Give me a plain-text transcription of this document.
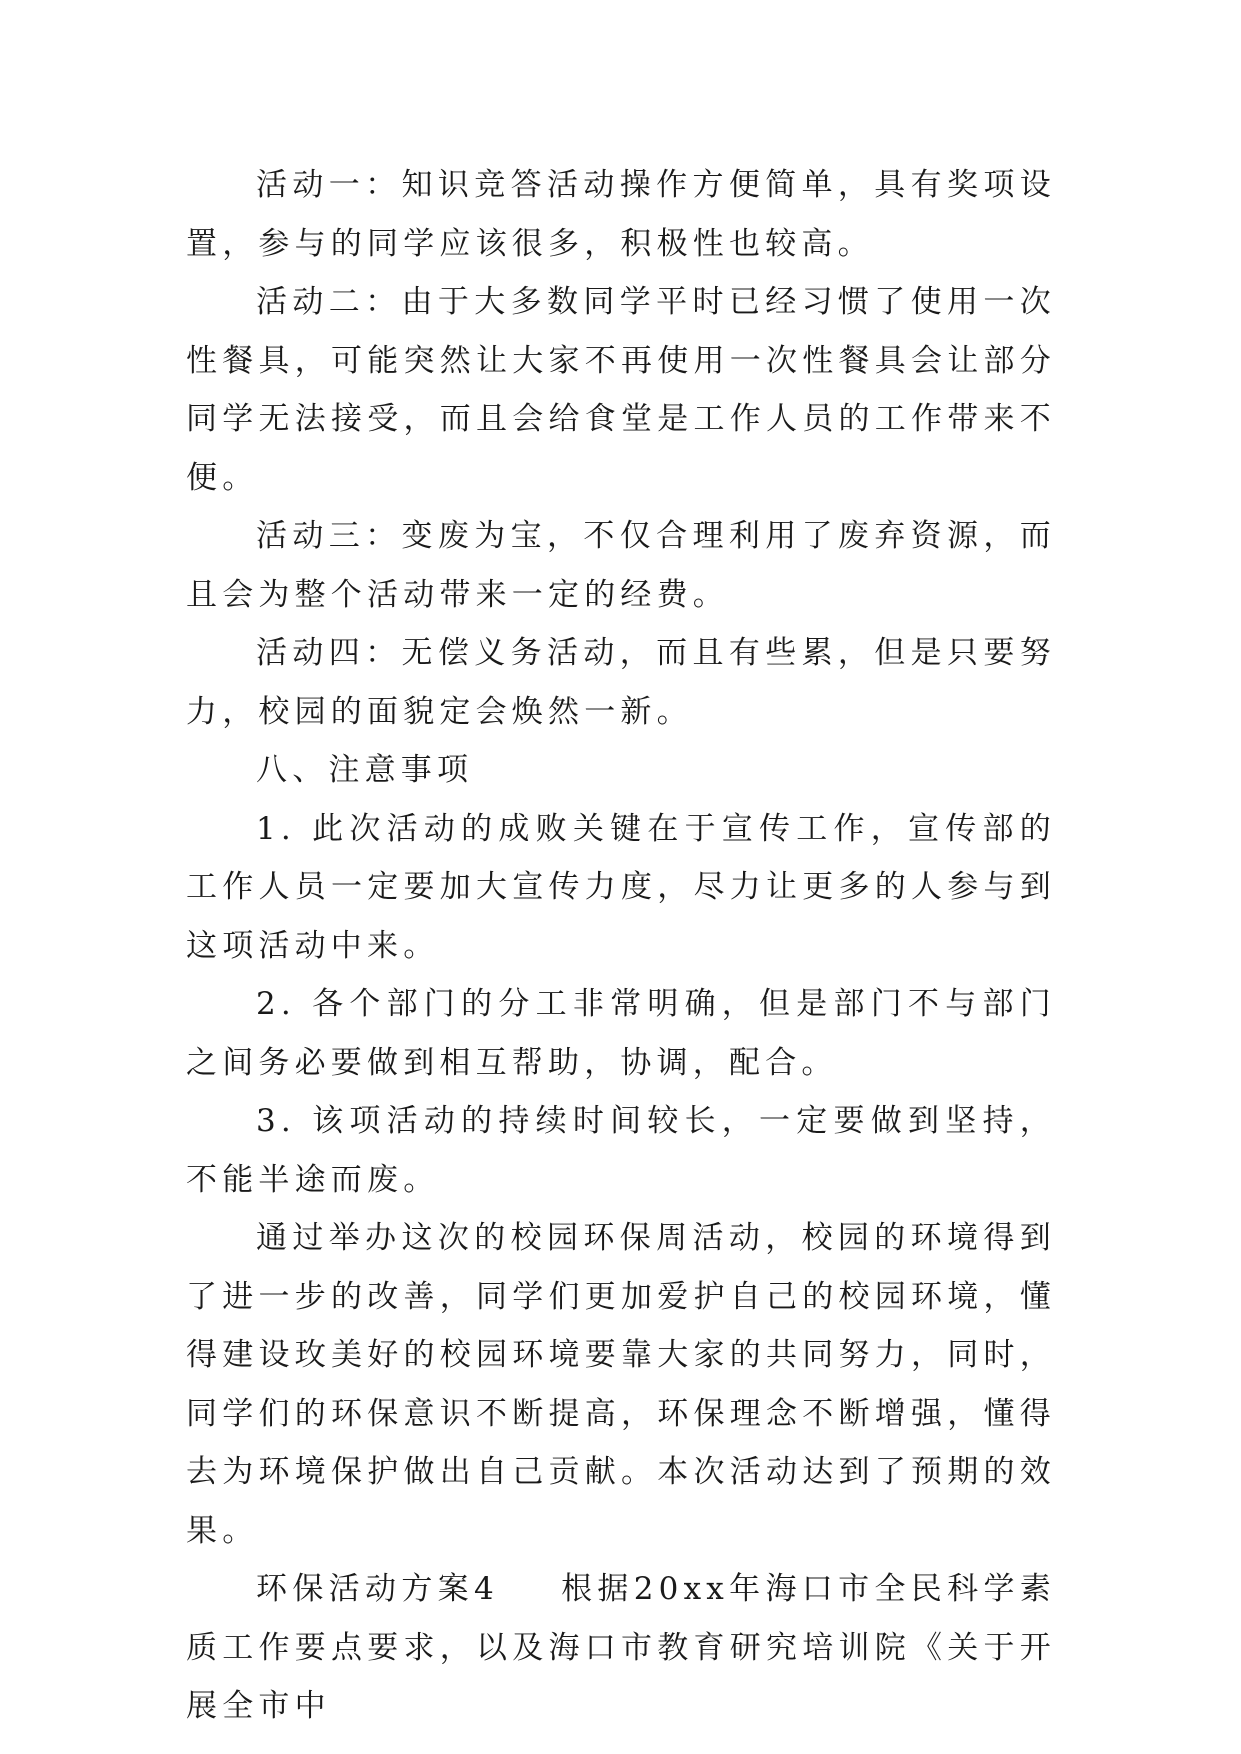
活动一：知识竞答活动操作方便简单，具有奖项设置，参与的同学应该很多，积极性也较高。

活动二：由于大多数同学平时已经习惯了使用一次性餐具，可能突然让大家不再使用一次性餐具会让部分同学无法接受，而且会给食堂是工作人员的工作带来不便。

活动三：变废为宝，不仅合理利用了废弃资源，而且会为整个活动带来一定的经费。

活动四：无偿义务活动，而且有些累，但是只要努力，校园的面貌定会焕然一新。

八、注意事项

1. 此次活动的成败关键在于宣传工作，宣传部的工作人员一定要加大宣传力度，尽力让更多的人参与到这项活动中来。

2. 各个部门的分工非常明确，但是部门不与部门之间务必要做到相互帮助，协调，配合。

3. 该项活动的持续时间较长，一定要做到坚持，不能半途而废。

通过举办这次的校园环保周活动，校园的环境得到了进一步的改善，同学们更加爱护自己的校园环境，懂得建设玫美好的校园环境要靠大家的共同努力，同时，同学们的环保意识不断提高，环保理念不断增强，懂得去为环境保护做出自己贡献。本次活动达到了预期的效果。

环保活动方案4 根据20xx年海口市全民科学素质工作要点要求，以及海口市教育研究培训院《关于开展全市中
